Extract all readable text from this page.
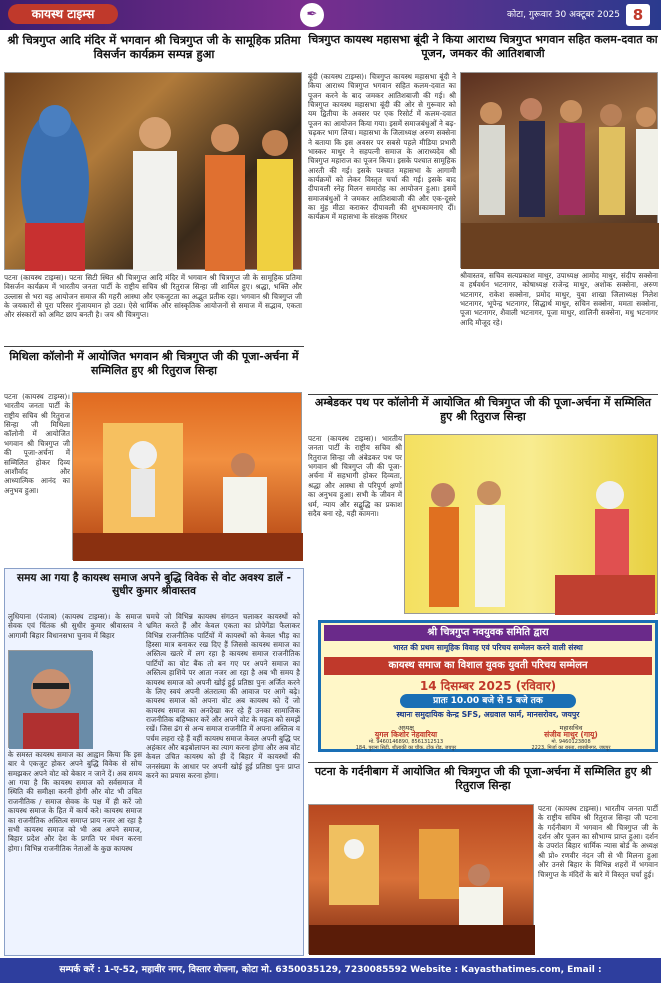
कायस्थ टाइम्स	✒	कोटा, गुरूवार 30 अक्टूबर 2025 8
श्री चित्रगुप्त आदि मंदिर में भगवान श्री चित्रगुप्त जी के सामूहिक प्रतिमा विसर्जन कार्यक्रम सम्पन्न हुआ
पटना (कायस्थ टाइम्स)। पटना सिटी स्थित श्री चित्रगुप्त आदि मंदिर में भगवान श्री चित्रगुप्त जी के सामूहिक प्रतिमा विसर्जन कार्यक्रम में भारतीय जनता पार्टी के राष्ट्रीय सचिव श्री रितुराज सिन्हा जी शामिल हुए। श्रद्धा, भक्ति और उल्लास से भरा यह आयोजन समाज की गहरी आस्था और एकजुटता का अद्भुत प्रतीक रहा। भगवान श्री चित्रगुप्त जी के जयकारों से पूरा परिसर गुंजायमान हो उठा। ऐसे धार्मिक और सांस्कृतिक आयोजनों से समाज में सद्भाव, एकता और संस्कारों को अमिट छाप बनती है। जय श्री चित्रगुप्त।
चित्रगुप्त कायस्थ महासभा बूंदी ने किया आराध्य चित्रगुप्त भगवान सहित कलम-दवात का पूजन, जमकर की आतिशबाजी
बूंदी (कायस्थ टाइम्स)। चित्रगुप्त कायस्थ महासभा बूंदी ने किया आराध्य चित्रगुप्त भगवान सहित कलम-दवात का पूजन करने के बाद जमकर आतिशबाजी की गई। श्री चित्रगुप्त कायस्थ महासभा बूंदी की ओर से गुरूवार को यम द्वितीया के अवसर पर एक रिसोर्ट में कलम-दवात पूजन का आयोजन किया गया। इसमें समाजबंधुओं ने बढ़-चढ़कर भाग लिया। महासभा के जिलाध्यक्ष अरुण सक्सेना ने बताया कि इस अवसर पर सबसे पहले मीडिया प्रभारी भास्कर माथुर ने सहपत्नी समाज के आराध्यदेव श्री चित्रगुप्त महाराज का पूजन किया। इसके पश्चात सामूहिक आरती की गई। इसके पश्चात महासभा के आगामी कार्यक्रमों को लेकर विस्तृत चर्चा की गई। इसके बाद दीपावली स्नेह मिलन समारोह का आयोजन हुआ। इसमें समाजबंधुओं ने जमकर आतिशबाजी की और एक-दूसरे का मुंह मीठा कराकर दीपावली की शुभकामनाएं दीं। कार्यक्रम में महासभा के संरक्षक गिरधर
श्रीवास्तव, सचिव सत्यप्रकाश माथुर, उपाध्यक्ष आमोद माथुर, संदीप सक्सेना व हर्षवर्धन भटनागर, कोषाध्यक्ष राजेन्द्र माथुर, अशोक सक्सेना, अरुण भटनागर, राकेश सक्सेना, प्रमोद माथुर, युवा शाखा जिलाध्यक्ष निलेश भटनागर, भूपेन्द्र भटनागर, सिद्धार्थ माथुर, सचिन सक्सेना, ममता सक्सेना, पूजा भटनागर, शैवाली भटनागर, पूजा माथुर, शालिनी सक्सेना, मधु भटनागर आदि मौजूद रहे।
मिथिला कॉलोनी में आयोजित भगवान श्री चित्रगुप्त जी की पूजा-अर्चना में सम्मिलित हुए श्री रितुराज सिन्हा
पटना (कायस्थ टाइम्स)। भारतीय जनता पार्टी के राष्ट्रीय सचिव श्री रितुराज सिन्हा जी मिथिला कॉलोनी में आयोजित भगवान श्री चित्रगुप्त जी की पूजा-अर्चना में सम्मिलित होकर दिव्य आशीर्वाद और आध्यात्मिक आनंद का अनुभव हुआ।
अम्बेडकर पथ पर कॉलोनी में आयोजित श्री चित्रगुप्त जी की पूजा-अर्चना में सम्मिलित हुए श्री रितुराज सिन्हा
पटना (कायस्थ टाइम्स)। भारतीय जनता पार्टी के राष्ट्रीय सचिव श्री रितुराज सिन्हा जी अंबेडकर पथ पर भगवान श्री चित्रगुप्त जी की पूजा-अर्चना में सहभागी होकर दिव्यता, श्रद्धा और आस्था से परिपूर्ण क्षणों का अनुभव हुआ। सभी के जीवन में धर्म, न्याय और सद्बुद्धि का प्रकाश सदैव बना रहे, यही कामना।
समय आ गया है कायस्थ समाज अपने बुद्धि विवेक से वोट अवश्य डालें - सुधीर कुमार श्रीवास्तव
लुधियाना (पंजाब) (कायस्थ टाइम्स)। के समाज सेवक एवं चिंतक श्री सुधीर कुमार श्रीवास्तव ने आगामी बिहार विधानसभा चुनाव में बिहार
के समस्त कायस्थ समाज का आह्वान किया कि इस बार वे एकजुट होकर अपने बुद्धि विवेक से सोच समझकर अपने वोट को बेकार न जाने दें। अब समय आ गया है कि कायस्थ समाज को सर्वसमाज में स्थिति की समीक्षा करनी होगी और वोट भी उचित राजनीतिक / समाज सेवक के पक्ष में ही करें जो कायस्थ समाज के हित में कार्य करे। कायस्थ समाज का राजनीतिक अस्तित्व समाप्त प्राय नजर आ रहा है सभी कायस्थ समाज को भी अब अपने समाज, बिहार प्रदेश और देश के प्रगति पर मंथन करना होगा। विभिन्न राजनीतिक नेताओं के कुछ कायस्थ
चमचे जो विभिन्न कायस्थ संगठन चलाकर कायस्थों को भ्रमित करते हैं और केवल एकता का प्रोपेगेंडा फैलाकर विभिन्न राजनीतिक पार्टियों में कायस्थों को केवल भीड़ का हिस्सा मात्र बनाकर रख दिए हैं जिससे कायस्थ समाज का अस्तित्व खतरे में लग रहा है कायस्थ समाज राजनीतिक पार्टियों का वोट बैंक तो बन गए पर अपने समाज का अस्तित्व हाशिये पर आता नजर आ रहा है अब भी समय है कायस्थ समाज को अपनी खोई हुई प्रतिष्ठा पुनः अर्जित करने के लिए स्वयं अपनी अंतरात्मा की आवाज पर आगे बढ़े। कायस्थ समाज को अपना वोट अब कायस्थ को दें जो कायस्थ समाज का अनदेखा कर रहे हैं उनका सामाजिक राजनीतिक बहिष्कार करें और अपने वोट के महत्व को समझें रखें। जिस ढंग से अन्य समाज राजनीति में अपना अस्तित्व व पर्चम लहरा रहे हैं वहीं कायस्थ समाज केवल अपनी बुद्धि पर अहंकार और बड़बोलापन का त्याग करना होगा और अब वोट केवल उचित कायस्थ को ही दें बिहार में कायस्थों की जनसंख्या के आधार पर अपनी खोई हुई प्रतिष्ठा पुनः प्राप्त करने का प्रयास करना होगा।
श्री चित्रगुप्त नवयुवक समिति द्वारा
भारत की प्रथम सामूहिक विवाह एवं परिचय सम्मेलन करने वाली संस्था
कायस्थ समाज का विशाल युवक युवती परिचय सम्मेलन
14 दिसम्बर 2025 (रविवार)
प्रातः 10.00 बजे से 5 बजे तक
स्थानः समुदायिक केन्द्र SFS, अग्रवाल फार्म, मानसरोवर, जयपुर
अध्यक्ष
युगल किशोर नेहवारिया
मो. 9460146890, 8561312513
184, पुराना सिटी, शीलाकी का चौक, टोंक रोड, जयपुर
महासचिव
संजीव माथुर (गायू)
मो. 9460123808
2223, मिर्जा का रास्ता, शास्त्रीनगर, जयपुर
पटना के गर्दनीबाग में आयोजित श्री चित्रगुप्त जी की पूजा-अर्चना में सम्मिलित हुए श्री रितुराज सिन्हा
पटना (कायस्थ टाइम्स)। भारतीय जनता पार्टी के राष्ट्रीय सचिव श्री रितुराज सिन्हा जी पटना के गर्दनीबाग में भगवान श्री चित्रगुप्त जी के दर्शन और पूजन का सौभाग्य प्राप्त हुआ। दर्शन के उपरांत बिहार धार्मिक न्यास बोर्ड के अध्यक्ष श्री प्रो० रणवीर नंदन जी से भी मिलना हुआ और उनसे बिहार के विभिन्न शहरों में भगवान चित्रगुप्त के मंदिरों के बारे में विस्तृत चर्चा हुई।
सम्पर्क करें : 1-ए-52, महावीर नगर, विस्तार योजना, कोटा मो. 6350035129, 7230085592 Website : Kayasthatimes.com, Email : contact@kayasthatimes.com
